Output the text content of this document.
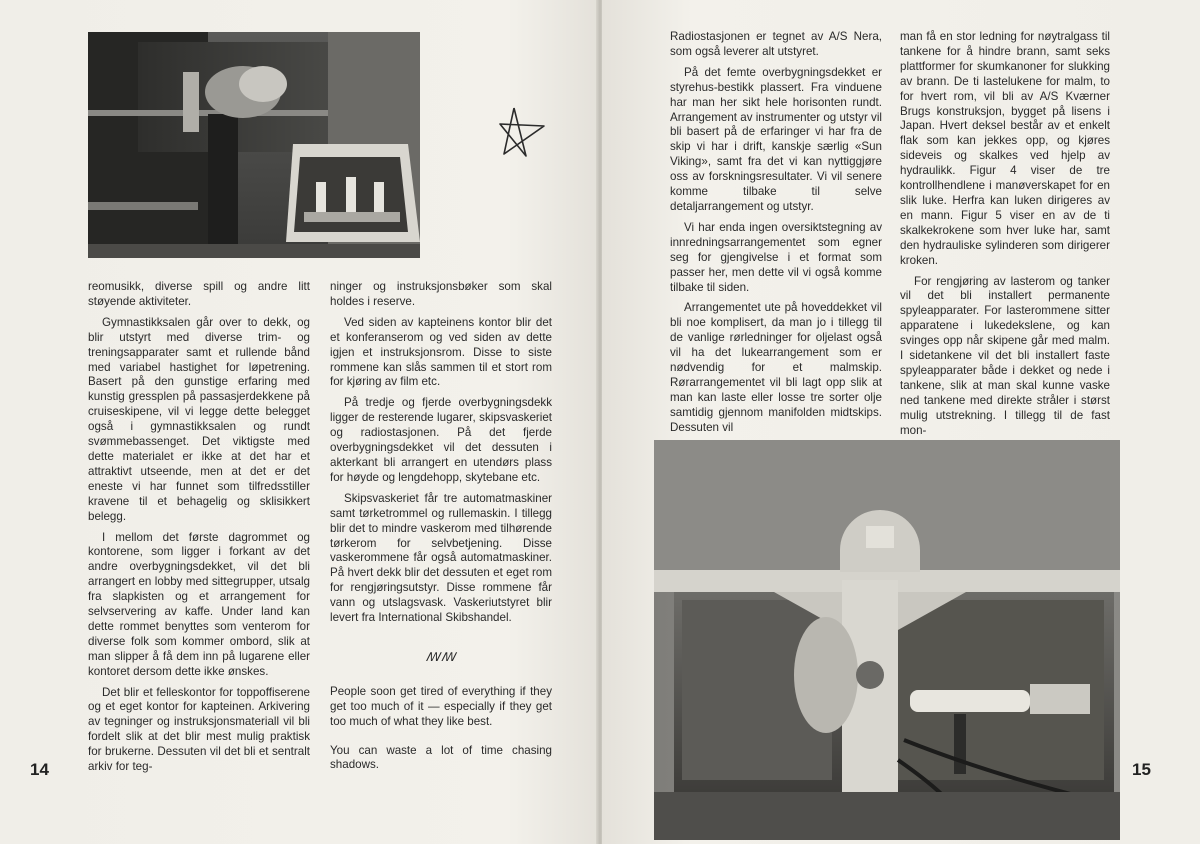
reomusikk, diverse spill og andre litt støyende aktiviteter.

Gymnastikksalen går over to dekk, og blir utstyrt med diverse trim- og treningsapparater samt et rullende bånd med variabel hastighet for løpetrening. Basert på den gunstige erfaring med kunstig gressplen på passasjerdekkene på cruiseskipene, vil vi legge dette belegget også i gymnastikksalen og rundt svømmebassenget. Det viktigste med dette materialet er ikke at det har et attraktivt utseende, men at det er det eneste vi har funnet som tilfredsstiller kravene til et behagelig og sklisikkert belegg.

I mellom det første dagrommet og kontorene, som ligger i forkant av det andre overbygningsdekket, vil det bli arrangert en lobby med sittegrupper, utsalg fra slapkisten og et arrangement for selvservering av kaffe. Under land kan dette rommet benyttes som venterom for diverse folk som kommer ombord, slik at man slipper å få dem inn på lugarene eller kontoret dersom dette ikke ønskes.

Det blir et felleskontor for toppoffiserene og et eget kontor for kapteinen. Arkivering av tegninger og instruksjonsmateriall vil bli fordelt slik at det blir mest mulig praktisk for brukerne. Dessuten vil det bli et sentralt arkiv for teg-

ninger og instruksjonsbøker som skal holdes i reserve.

Ved siden av kapteinens kontor blir det et konferanserom og ved siden av dette igjen et instruksjonsrom. Disse to siste rommene kan slås sammen til et stort rom for kjøring av film etc.

På tredje og fjerde overbygningsdekk ligger de resterende lugarer, skipsvaskeriet og radiostasjonen. På det fjerde overbygningsdekket vil det dessuten i akterkant bli arrangert en utendørs plass for høyde og lengdehopp, skytebane etc.

Skipsvaskeriet får tre automatmaskiner samt tørketrommel og rullemaskin. I tillegg blir det to mindre vaskerom med tilhørende tørkerom for selvbetjening. Disse vaskerommene får også automatmaskiner. På hvert dekk blir det dessuten et eget rom for rengjøringsutstyr. Disse rommene får vann og utslagsvask. Vaskeriutstyret blir levert fra International Skibshandel.

ꟿꟿ

People soon get tired of everything if they get too much of it — especially if they get too much of what they like best.

You can waste a lot of time chasing shadows.

14

Radiostasjonen er tegnet av A/S Nera, som også leverer alt utstyret.

På det femte overbygningsdekket er styrehus-bestikk plassert. Fra vinduene har man her sikt hele horisonten rundt. Arrangement av instrumenter og utstyr vil bli basert på de erfaringer vi har fra de skip vi har i drift, kanskje særlig «Sun Viking», samt fra det vi kan nyttiggjøre oss av forskningsresultater. Vi vil senere komme tilbake til selve detaljarrangement og utstyr.

Vi har enda ingen oversiktstegning av innredningsarrangementet som egner seg for gjengivelse i et format som passer her, men dette vil vi også komme tilbake til siden.

Arrangementet ute på hoveddekket vil bli noe komplisert, da man jo i tillegg til de vanlige rørledninger for oljelast også vil ha det lukearrangement som er nødvendig for et malmskip. Rørarrangementet vil bli lagt opp slik at man kan laste eller losse tre sorter olje samtidig gjennom manifolden midtskips. Dessuten vil

man få en stor ledning for nøytralgass til tankene for å hindre brann, samt seks plattformer for skumkanoner for slukking av brann. De ti lastelukene for malm, to for hvert rom, vil bli av A/S Kværner Brugs konstruksjon, bygget på lisens i Japan. Hvert deksel består av et enkelt flak som kan jekkes opp, og kjøres sideveis og skalkes ved hjelp av hydraulikk. Figur 4 viser de tre kontrollhendlene i manøverskapet for en slik luke. Herfra kan luken dirigeres av en mann. Figur 5 viser en av de ti skalkekrokene som hver luke har, samt den hydrauliske sylinderen som dirigerer kroken.

For rengjøring av lasterom og tanker vil det bli installert permanente spyleapparater. For lasterommene sitter apparatene i lukedekslene, og kan svinges opp når skipene går med malm. I sidetankene vil det bli installert faste spyleapparater både i dekket og nede i tankene, slik at man skal kunne vaske ned tankene med direkte stråler i størst mulig utstrekning. I tillegg til de fast mon-

15
